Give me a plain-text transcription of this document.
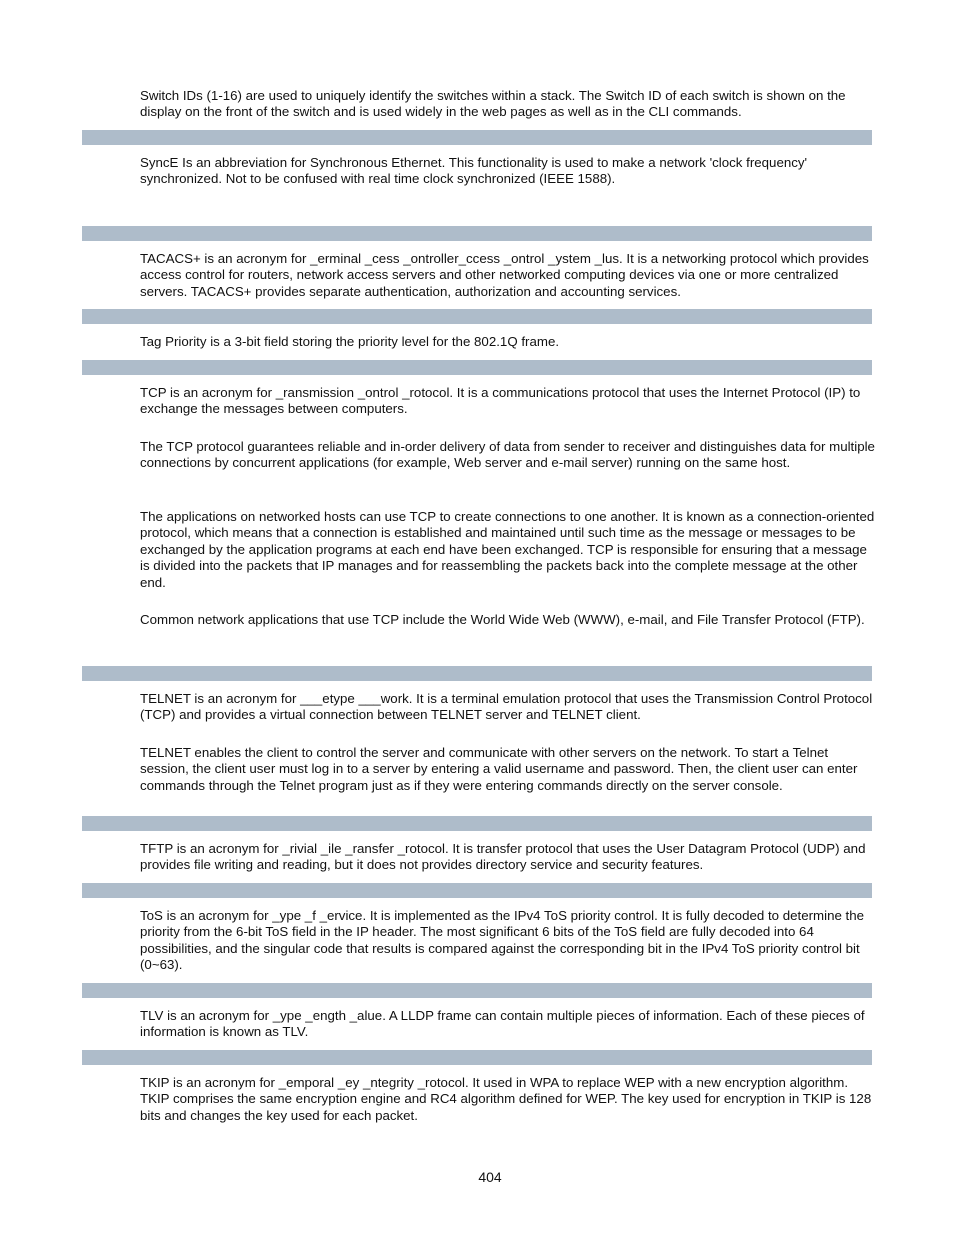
Switch IDs (1-16) are used to uniquely identify the switches within a stack. The Switch ID of each switch is shown on the display on the front of the switch and is used widely in the web pages as well as in the CLI commands.

SyncE Is an abbreviation for Synchronous Ethernet. This functionality is used to make a network 'clock frequency' synchronized. Not to be confused with real time clock synchronized (IEEE 1588).

TACACS+ is an acronym for _erminal _cess _ontroller_ccess _ontrol _ystem _lus. It is a networking protocol which provides access control for routers, network access servers and other networked computing devices via one or more centralized servers. TACACS+ provides separate authentication, authorization and accounting services.

Tag Priority is a 3-bit field storing the priority level for the 802.1Q frame.

TCP is an acronym for _ransmission _ontrol _rotocol. It is a communications protocol that uses the Internet Protocol (IP) to exchange the messages between computers.

The TCP protocol guarantees reliable and in-order delivery of data from sender to receiver and distinguishes data for multiple connections by concurrent applications (for example, Web server and e-mail server) running on the same host.

The applications on networked hosts can use TCP to create connections to one another. It is known as a connection-oriented protocol, which means that a connection is established and maintained until such time as the message or messages to be exchanged by the application programs at each end have been exchanged. TCP is responsible for ensuring that a message is divided into the packets that IP manages and for reassembling the packets back into the complete message at the other end.

Common network applications that use TCP include the World Wide Web (WWW), e-mail, and File Transfer Protocol (FTP).

TELNET is an acronym for ___etype ___work. It is a terminal emulation protocol that uses the Transmission Control Protocol (TCP) and provides a virtual connection between TELNET server and TELNET client.

TELNET enables the client to control the server and communicate with other servers on the network. To start a Telnet session, the client user must log in to a server by entering a valid username and password. Then, the client user can enter commands through the Telnet program just as if they were entering commands directly on the server console.

TFTP is an acronym for _rivial _ile _ransfer _rotocol. It is transfer protocol that uses the User Datagram Protocol (UDP) and provides file writing and reading, but it does not provides directory service and security features.

ToS is an acronym for _ype _f _ervice. It is implemented as the IPv4 ToS priority control. It is fully decoded to determine the priority from the 6-bit ToS field in the IP header. The most significant 6 bits of the ToS field are fully decoded into 64 possibilities, and the singular code that results is compared against the corresponding bit in the IPv4 ToS priority control bit (0~63).

TLV is an acronym for _ype _ength _alue. A LLDP frame can contain multiple pieces of information. Each of these pieces of information is known as TLV.

TKIP is an acronym for _emporal _ey _ntegrity _rotocol. It used in WPA to replace WEP with a new encryption algorithm. TKIP comprises the same encryption engine and RC4 algorithm defined for WEP. The key used for encryption in TKIP is 128 bits and changes the key used for each packet.

404
